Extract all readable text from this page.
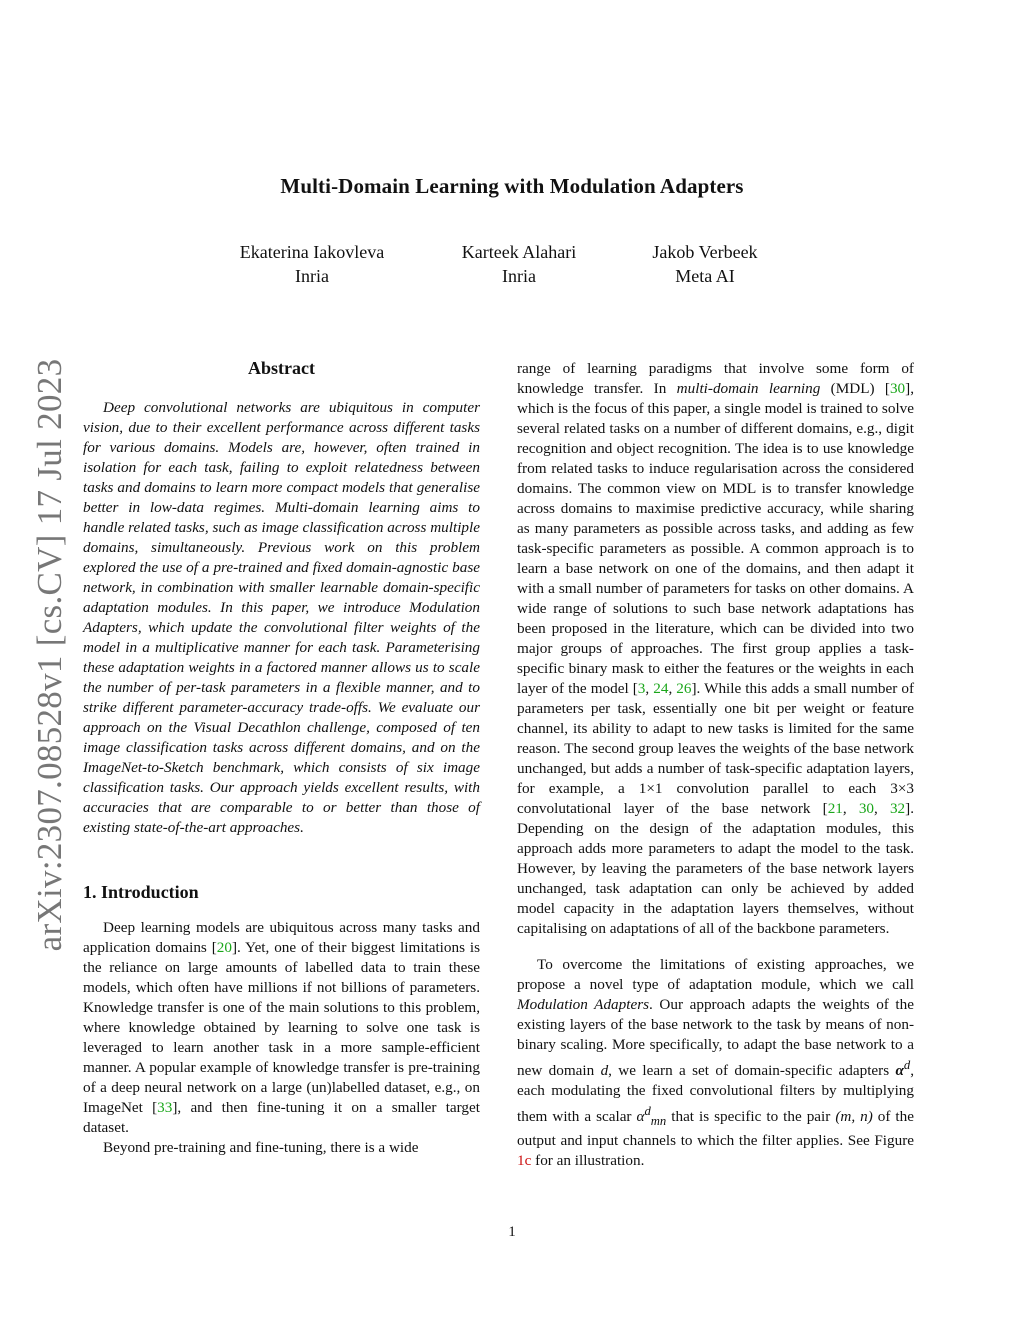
Multi-Domain Learning with Modulation Adapters
Ekaterina Iakovleva
Inria
Karteek Alahari
Inria
Jakob Verbeek
Meta AI
arXiv:2307.08528v1 [cs.CV] 17 Jul 2023	Abstract

Deep convolutional networks are ubiquitous in computer vision, due to their excellent performance across different tasks for various domains. Models are, however, often trained in isolation for each task, failing to exploit relatedness between tasks and domains to learn more compact models that generalise better in low-data regimes. Multi-domain learning aims to handle related tasks, such as image classification across multiple domains, simultaneously. Previous work on this problem explored the use of a pre-trained and fixed domain-agnostic base network, in combination with smaller learnable domain-specific adaptation modules. In this paper, we introduce Modulation Adapters, which update the convolutional filter weights of the model in a multiplicative manner for each task. Parameterising these adaptation weights in a factored manner allows us to scale the number of per-task parameters in a flexible manner, and to strike different parameter-accuracy trade-offs. We evaluate our approach on the Visual Decathlon challenge, composed of ten image classification tasks across different domains, and on the ImageNet-to-Sketch benchmark, which consists of six image classification tasks. Our approach yields excellent results, with accuracies that are comparable to or better than those of existing state-of-the-art approaches.

1. Introduction

Deep learning models are ubiquitous across many tasks and application domains [20]. Yet, one of their biggest limitations is the reliance on large amounts of labelled data to train these models, which often have millions if not billions of parameters. Knowledge transfer is one of the main solutions to this problem, where knowledge obtained by learning to solve one task is leveraged to learn another task in a more sample-efficient manner. A popular example of knowledge transfer is pre-training of a deep neural network on a large (un)labelled dataset, e.g., on ImageNet [33], and then fine-tuning it on a smaller target dataset.

Beyond pre-training and fine-tuning, there is a wide

range of learning paradigms that involve some form of knowledge transfer. In multi-domain learning (MDL) [30], which is the focus of this paper, a single model is trained to solve several related tasks on a number of different domains, e.g., digit recognition and object recognition. The idea is to use knowledge from related tasks to induce regularisation across the considered domains. The common view on MDL is to transfer knowledge across domains to maximise predictive accuracy, while sharing as many parameters as possible across tasks, and adding as few task-specific parameters as possible. A common approach is to learn a base network on one of the domains, and then adapt it with a small number of parameters for tasks on other domains. A wide range of solutions to such base network adaptations has been proposed in the literature, which can be divided into two major groups of approaches. The first group applies a task-specific binary mask to either the features or the weights in each layer of the model [3, 24, 26]. While this adds a small number of parameters per task, essentially one bit per weight or feature channel, its ability to adapt to new tasks is limited for the same reason. The second group leaves the weights of the base network unchanged, but adds a number of task-specific adaptation layers, for example, a 1×1 convolution parallel to each 3×3 convolutational layer of the base network [21, 30, 32]. Depending on the design of the adaptation modules, this approach adds more parameters to adapt the model to the task. However, by leaving the parameters of the base network layers unchanged, task adaptation can only be achieved by added model capacity in the adaptation layers themselves, without capitalising on adaptations of all of the backbone parameters.

To overcome the limitations of existing approaches, we propose a novel type of adaptation module, which we call Modulation Adapters. Our approach adapts the weights of the existing layers of the base network to the task by means of non-binary scaling. More specifically, to adapt the base network to a new domain d, we learn a set of domain-specific adapters $\alpha^d$, each modulating the fixed convolutional filters by multiplying them with a scalar $\alpha^d_{mn}$ that is specific to the pair (m, n) of the output and input channels to which the filter applies. See Figure 1c for an illustration.

1
